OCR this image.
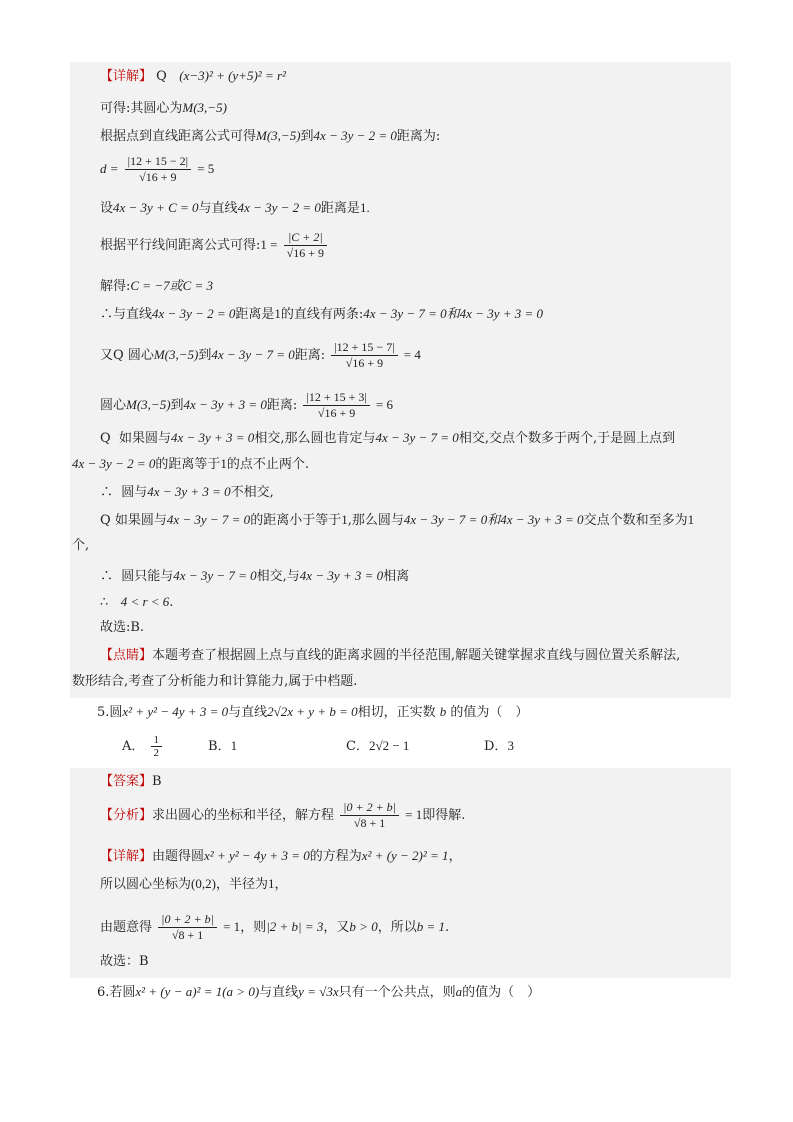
【详解】 Q (x−3)² + (y+5)² = r²
可得:其圆心为M(3,−5)
根据点到直线距离公式可得M(3,−5)到4x − 3y − 2 = 0距离为:
$d = \frac{|12 + 15 - 2|}{√16 + 9} = 5$
设4x − 3y + C = 0与直线4x − 3y − 2 = 0距离是1.
根据平行线间距离公式可得:1 = $\frac{|C + 2|}{√16 + 9}$
解得:C = −7或C = 3
∴与直线4x − 3y − 2 = 0距离是1的直线有两条:4x − 3y − 7 = 0和4x − 3y + 3 = 0
又Q 圆心M(3,−5)到4x − 3y − 7 = 0距离: $\frac{|12 + 15 - 7|}{√16 + 9} = 4$
圆心M(3,−5)到4x − 3y + 3 = 0距离: $\frac{|12 + 15 + 3|}{√16 + 9} = 6$
Q 如果圆与4x − 3y + 3 = 0相交,那么圆也肯定与4x − 3y − 7 = 0相交,交点个数多于两个,于是圆上点到
4x − 3y − 2 = 0的距离等于1的点不止两个.
∴ 圆与4x − 3y + 3 = 0不相交,
Q 如果圆与4x − 3y − 7 = 0的距离小于等于1,那么圆与4x − 3y − 7 = 0和4x − 3y + 3 = 0交点个数和至多为1
个,
∴ 圆只能与4x − 3y − 7 = 0相交,与4x − 3y + 3 = 0相离
∴ 4 < r < 6.
故选:B.
【点睛】本题考查了根据圆上点与直线的距离求圆的半径范围,解题关键掌握求直线与圆位置关系解法,
数形结合,考查了分析能力和计算能力,属于中档题.
5.圆x² + y² − 4y + 3 = 0与直线2√2x + y + b = 0相切，正实数 b 的值为（　）
A． $\frac{1}{2}$	B．1	C．2√2 − 1	D．3
【答案】B
【分析】求出圆心的坐标和半径，解方程 $\frac{|0 + 2 + b|}{√8 + 1} = 1$即得解.
【详解】由题得圆x² + y² − 4y + 3 = 0的方程为x² + (y − 2)² = 1，
所以圆心坐标为(0,2)，半径为1，
由题意得 $\frac{|0 + 2 + b|}{√8 + 1} = 1$，则|2 + b| = 3，又b > 0，所以b = 1.
故选：B
6.若圆x² + (y − a)² = 1(a > 0)与直线y = √3x只有一个公共点，则a的值为（　）
